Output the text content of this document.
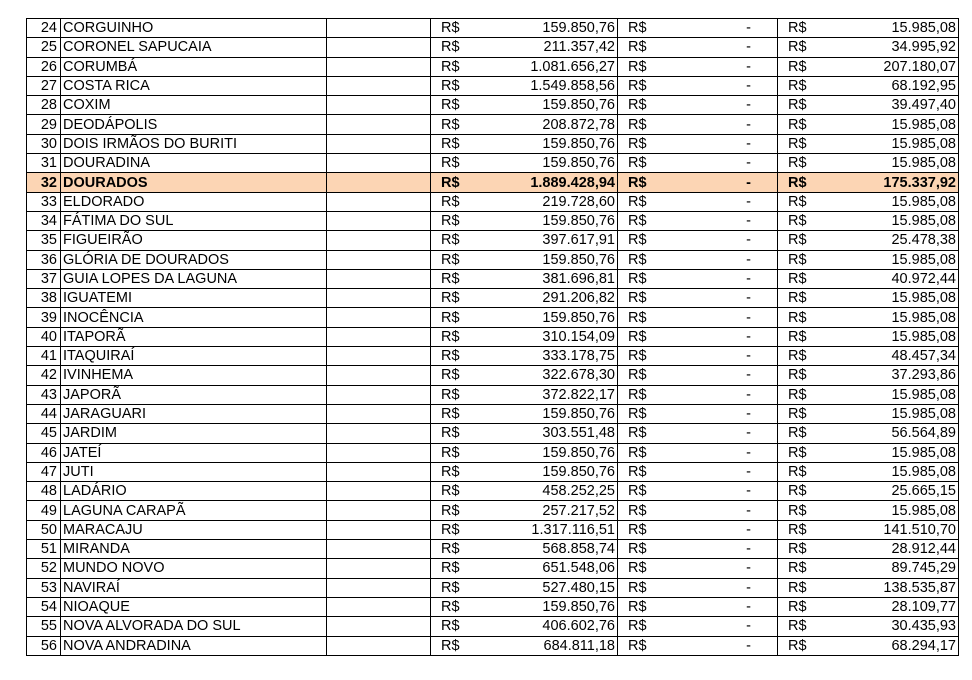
24	CORGUINHO		R$	159.850,76	R$	-	R$	15.985,08
25	CORONEL SAPUCAIA		R$	211.357,42	R$	-	R$	34.995,92
26	CORUMBÁ		R$	1.081.656,27	R$	-	R$	207.180,07
27	COSTA RICA		R$	1.549.858,56	R$	-	R$	68.192,95
28	COXIM		R$	159.850,76	R$	-	R$	39.497,40
29	DEODÁPOLIS		R$	208.872,78	R$	-	R$	15.985,08
30	DOIS IRMÃOS DO BURITI		R$	159.850,76	R$	-	R$	15.985,08
31	DOURADINA		R$	159.850,76	R$	-	R$	15.985,08
32	DOURADOS		R$	1.889.428,94	R$	-	R$	175.337,92
33	ELDORADO		R$	219.728,60	R$	-	R$	15.985,08
34	FÁTIMA DO SUL		R$	159.850,76	R$	-	R$	15.985,08
35	FIGUEIRÃO		R$	397.617,91	R$	-	R$	25.478,38
36	GLÓRIA DE DOURADOS		R$	159.850,76	R$	-	R$	15.985,08
37	GUIA LOPES DA LAGUNA		R$	381.696,81	R$	-	R$	40.972,44
38	IGUATEMI		R$	291.206,82	R$	-	R$	15.985,08
39	INOCÊNCIA		R$	159.850,76	R$	-	R$	15.985,08
40	ITAPORÃ		R$	310.154,09	R$	-	R$	15.985,08
41	ITAQUIRAÍ		R$	333.178,75	R$	-	R$	48.457,34
42	IVINHEMA		R$	322.678,30	R$	-	R$	37.293,86
43	JAPORÃ		R$	372.822,17	R$	-	R$	15.985,08
44	JARAGUARI		R$	159.850,76	R$	-	R$	15.985,08
45	JARDIM		R$	303.551,48	R$	-	R$	56.564,89
46	JATEÍ		R$	159.850,76	R$	-	R$	15.985,08
47	JUTI		R$	159.850,76	R$	-	R$	15.985,08
48	LADÁRIO		R$	458.252,25	R$	-	R$	25.665,15
49	LAGUNA CARAPÃ		R$	257.217,52	R$	-	R$	15.985,08
50	MARACAJU		R$	1.317.116,51	R$	-	R$	141.510,70
51	MIRANDA		R$	568.858,74	R$	-	R$	28.912,44
52	MUNDO NOVO		R$	651.548,06	R$	-	R$	89.745,29
53	NAVIRAÍ		R$	527.480,15	R$	-	R$	138.535,87
54	NIOAQUE		R$	159.850,76	R$	-	R$	28.109,77
55	NOVA ALVORADA DO SUL		R$	406.602,76	R$	-	R$	30.435,93
56	NOVA ANDRADINA		R$	684.811,18	R$	-	R$	68.294,17
